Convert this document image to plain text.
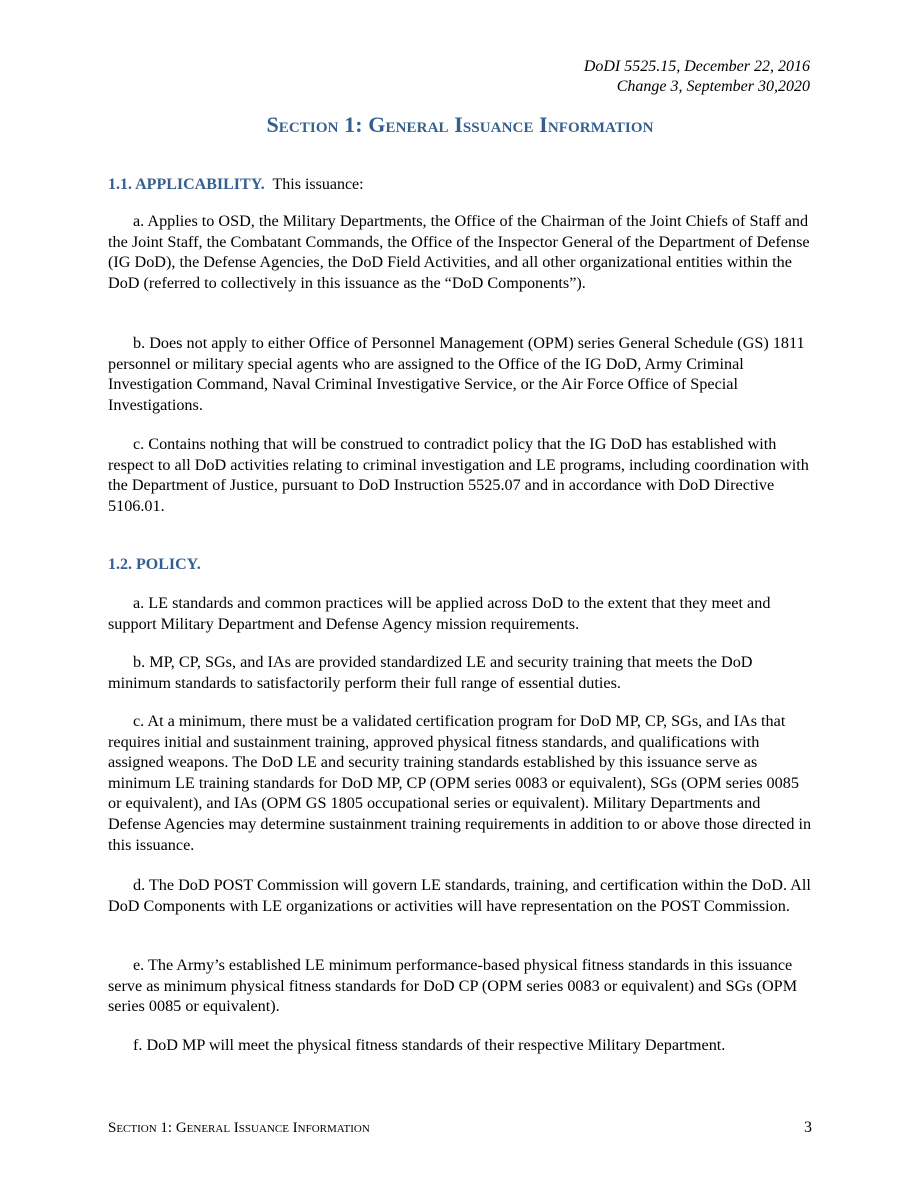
DoDI 5525.15, December 22, 2016
Change 3, September 30,2020
Section 1: General Issuance Information
1.1. APPLICABILITY. This issuance:

a. Applies to OSD, the Military Departments, the Office of the Chairman of the Joint Chiefs of Staff and the Joint Staff, the Combatant Commands, the Office of the Inspector General of the Department of Defense (IG DoD), the Defense Agencies, the DoD Field Activities, and all other organizational entities within the DoD (referred to collectively in this issuance as the “DoD Components”).

b. Does not apply to either Office of Personnel Management (OPM) series General Schedule (GS) 1811 personnel or military special agents who are assigned to the Office of the IG DoD, Army Criminal Investigation Command, Naval Criminal Investigative Service, or the Air Force Office of Special Investigations.

c. Contains nothing that will be construed to contradict policy that the IG DoD has established with respect to all DoD activities relating to criminal investigation and LE programs, including coordination with the Department of Justice, pursuant to DoD Instruction 5525.07 and in accordance with DoD Directive 5106.01.

1.2. POLICY.

a. LE standards and common practices will be applied across DoD to the extent that they meet and support Military Department and Defense Agency mission requirements.

b. MP, CP, SGs, and IAs are provided standardized LE and security training that meets the DoD minimum standards to satisfactorily perform their full range of essential duties.

c. At a minimum, there must be a validated certification program for DoD MP, CP, SGs, and IAs that requires initial and sustainment training, approved physical fitness standards, and qualifications with assigned weapons. The DoD LE and security training standards established by this issuance serve as minimum LE training standards for DoD MP, CP (OPM series 0083 or equivalent), SGs (OPM series 0085 or equivalent), and IAs (OPM GS 1805 occupational series or equivalent). Military Departments and Defense Agencies may determine sustainment training requirements in addition to or above those directed in this issuance.

d. The DoD POST Commission will govern LE standards, training, and certification within the DoD. All DoD Components with LE organizations or activities will have representation on the POST Commission.

e. The Army’s established LE minimum performance-based physical fitness standards in this issuance serve as minimum physical fitness standards for DoD CP (OPM series 0083 or equivalent) and SGs (OPM series 0085 or equivalent).

f. DoD MP will meet the physical fitness standards of their respective Military Department.

Section 1: General Issuance Information	3
